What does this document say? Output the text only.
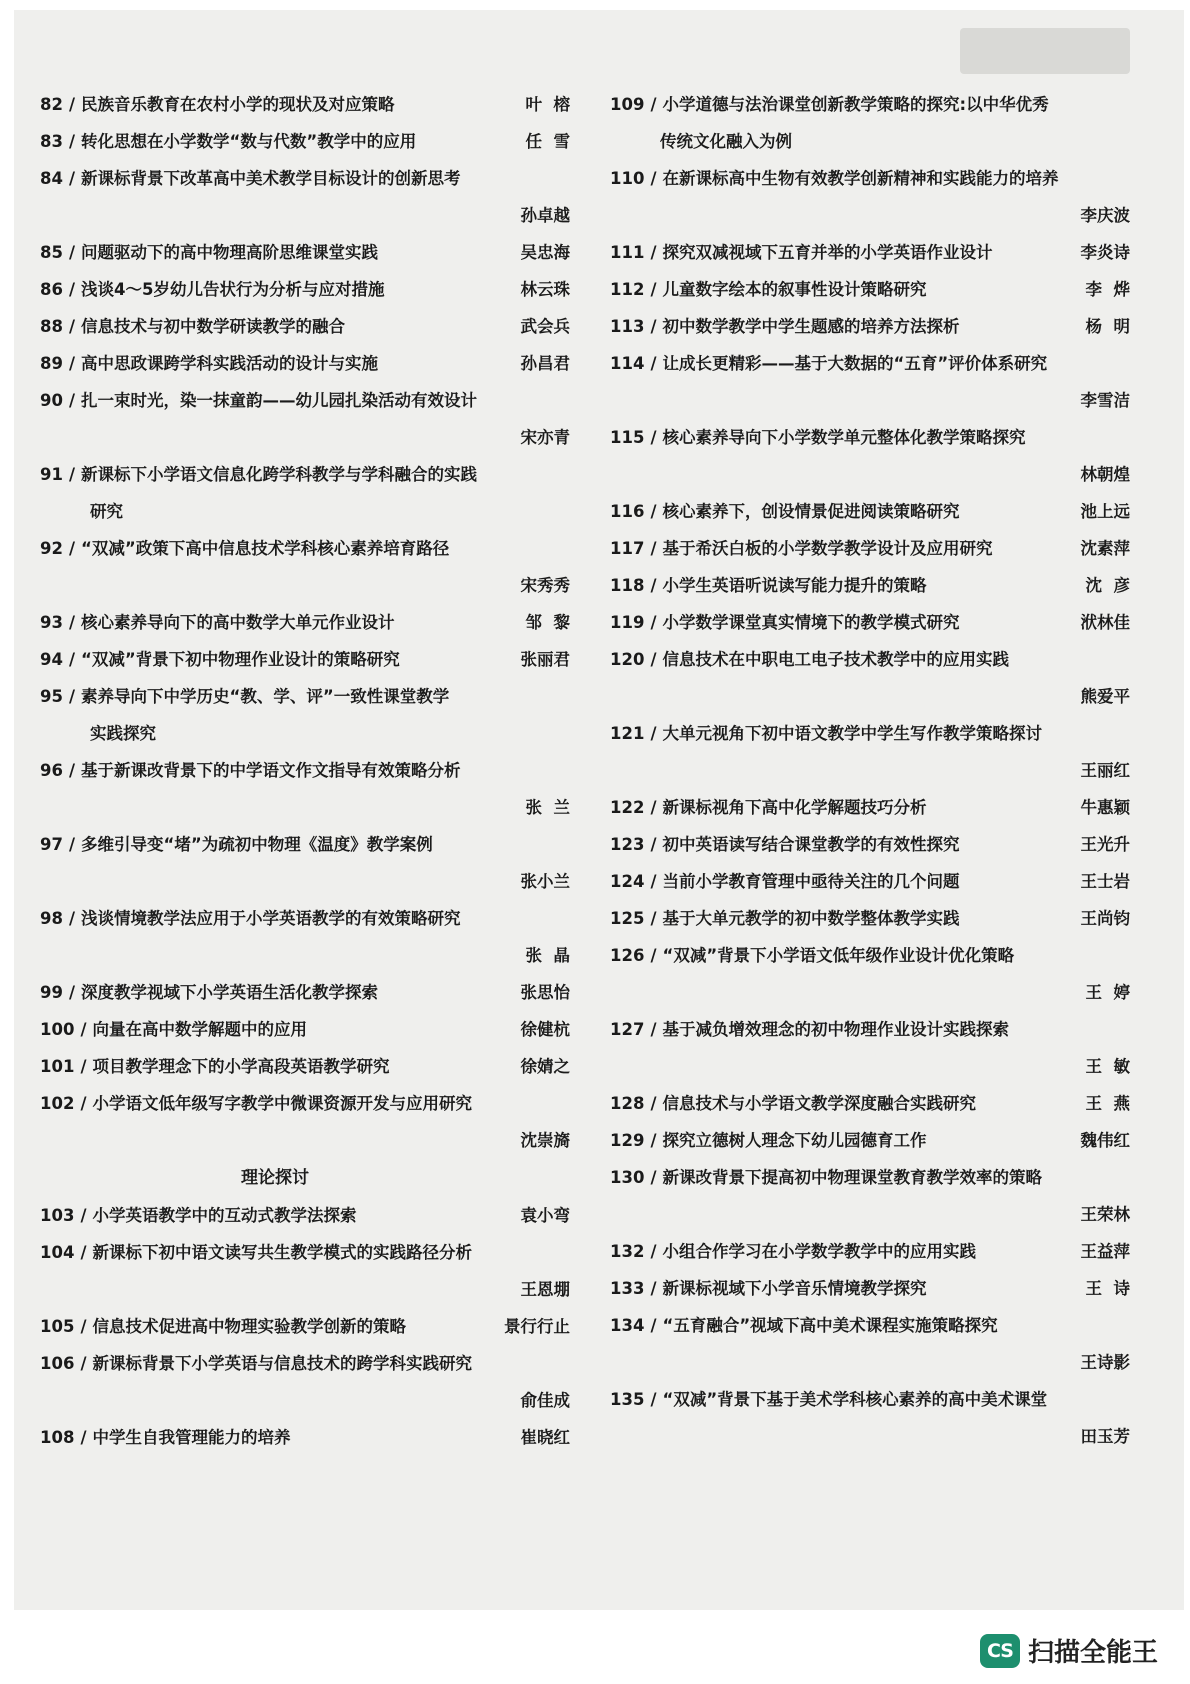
82 / 民族音乐教育在农村小学的现状及对应策略	叶  榕
83 / 转化思想在小学数学“数与代数”教学中的应用	任  雪
84 / 新课标背景下改革高中美术教学目标设计的创新思考
孙卓越
85 / 问题驱动下的高中物理高阶思维课堂实践	吴忠海
86 / 浅谈4～5岁幼儿告状行为分析与应对措施	林云珠
88 / 信息技术与初中数学研读教学的融合	武会兵
89 / 高中思政课跨学科实践活动的设计与实施	孙昌君
90 / 扎一束时光，染一抹童韵——幼儿园扎染活动有效设计
宋亦青
91 / 新课标下小学语文信息化跨学科教学与学科融合的实践
研究
92 / “双减”政策下高中信息技术学科核心素养培育路径
宋秀秀
93 / 核心素养导向下的高中数学大单元作业设计	邹  黎
94 / “双减”背景下初中物理作业设计的策略研究	张丽君
95 / 素养导向下中学历史“教、学、评”一致性课堂教学
实践探究
96 / 基于新课改背景下的中学语文作文指导有效策略分析
张  兰
97 / 多维引导变“堵”为疏初中物理《温度》教学案例
张小兰
98 / 浅谈情境教学法应用于小学英语教学的有效策略研究
张  晶
99 / 深度教学视域下小学英语生活化教学探索	张思怡
100 / 向量在高中数学解题中的应用	徐健杭
101 / 项目教学理念下的小学高段英语教学研究	徐婧之
102 / 小学语文低年级写字教学中微课资源开发与应用研究
沈崇旖
理论探讨
103 / 小学英语教学中的互动式教学法探索	袁小弯
104 / 新课标下初中语文读写共生教学模式的实践路径分析
王恩堋
105 / 信息技术促进高中物理实验教学创新的策略	景行行止
106 / 新课标背景下小学英语与信息技术的跨学科实践研究
俞佳成
108 / 中学生自我管理能力的培养	崔晓红
109 / 小学道德与法治课堂创新教学策略的探究:以中华优秀
传统文化融入为例
110 / 在新课标高中生物有效教学创新精神和实践能力的培养
李庆波
111 / 探究双减视域下五育并举的小学英语作业设计	李炎诗
112 / 儿童数字绘本的叙事性设计策略研究	李  烨
113 / 初中数学教学中学生题感的培养方法探析	杨  明
114 / 让成长更精彩——基于大数据的“五育”评价体系研究
李雪洁
115 / 核心素养导向下小学数学单元整体化教学策略探究
林朝煌
116 / 核心素养下，创设情景促进阅读策略研究	池上远
117 / 基于希沃白板的小学数学教学设计及应用研究	沈素萍
118 / 小学生英语听说读写能力提升的策略	沈  彦
119 / 小学数学课堂真实情境下的教学模式研究	洑林佳
120 / 信息技术在中职电工电子技术教学中的应用实践
熊爱平
121 / 大单元视角下初中语文教学中学生写作教学策略探讨
王丽红
122 / 新课标视角下高中化学解题技巧分析	牛惠颖
123 / 初中英语读写结合课堂教学的有效性探究	王光升
124 / 当前小学教育管理中亟待关注的几个问题	王士岩
125 / 基于大单元教学的初中数学整体教学实践	王尚钧
126 / “双减”背景下小学语文低年级作业设计优化策略
王  婷
127 / 基于减负增效理念的初中物理作业设计实践探索
王  敏
128 / 信息技术与小学语文教学深度融合实践研究	王  燕
129 / 探究立德树人理念下幼儿园德育工作	魏伟红
130 / 新课改背景下提高初中物理课堂教育教学效率的策略
王荣林
132 / 小组合作学习在小学数学教学中的应用实践	王益萍
133 / 新课标视域下小学音乐情境教学探究	王  诗
134 / “五育融合”视域下高中美术课程实施策略探究
王诗影
135 / “双减”背景下基于美术学科核心素养的高中美术课堂
田玉芳
CS 扫描全能王
